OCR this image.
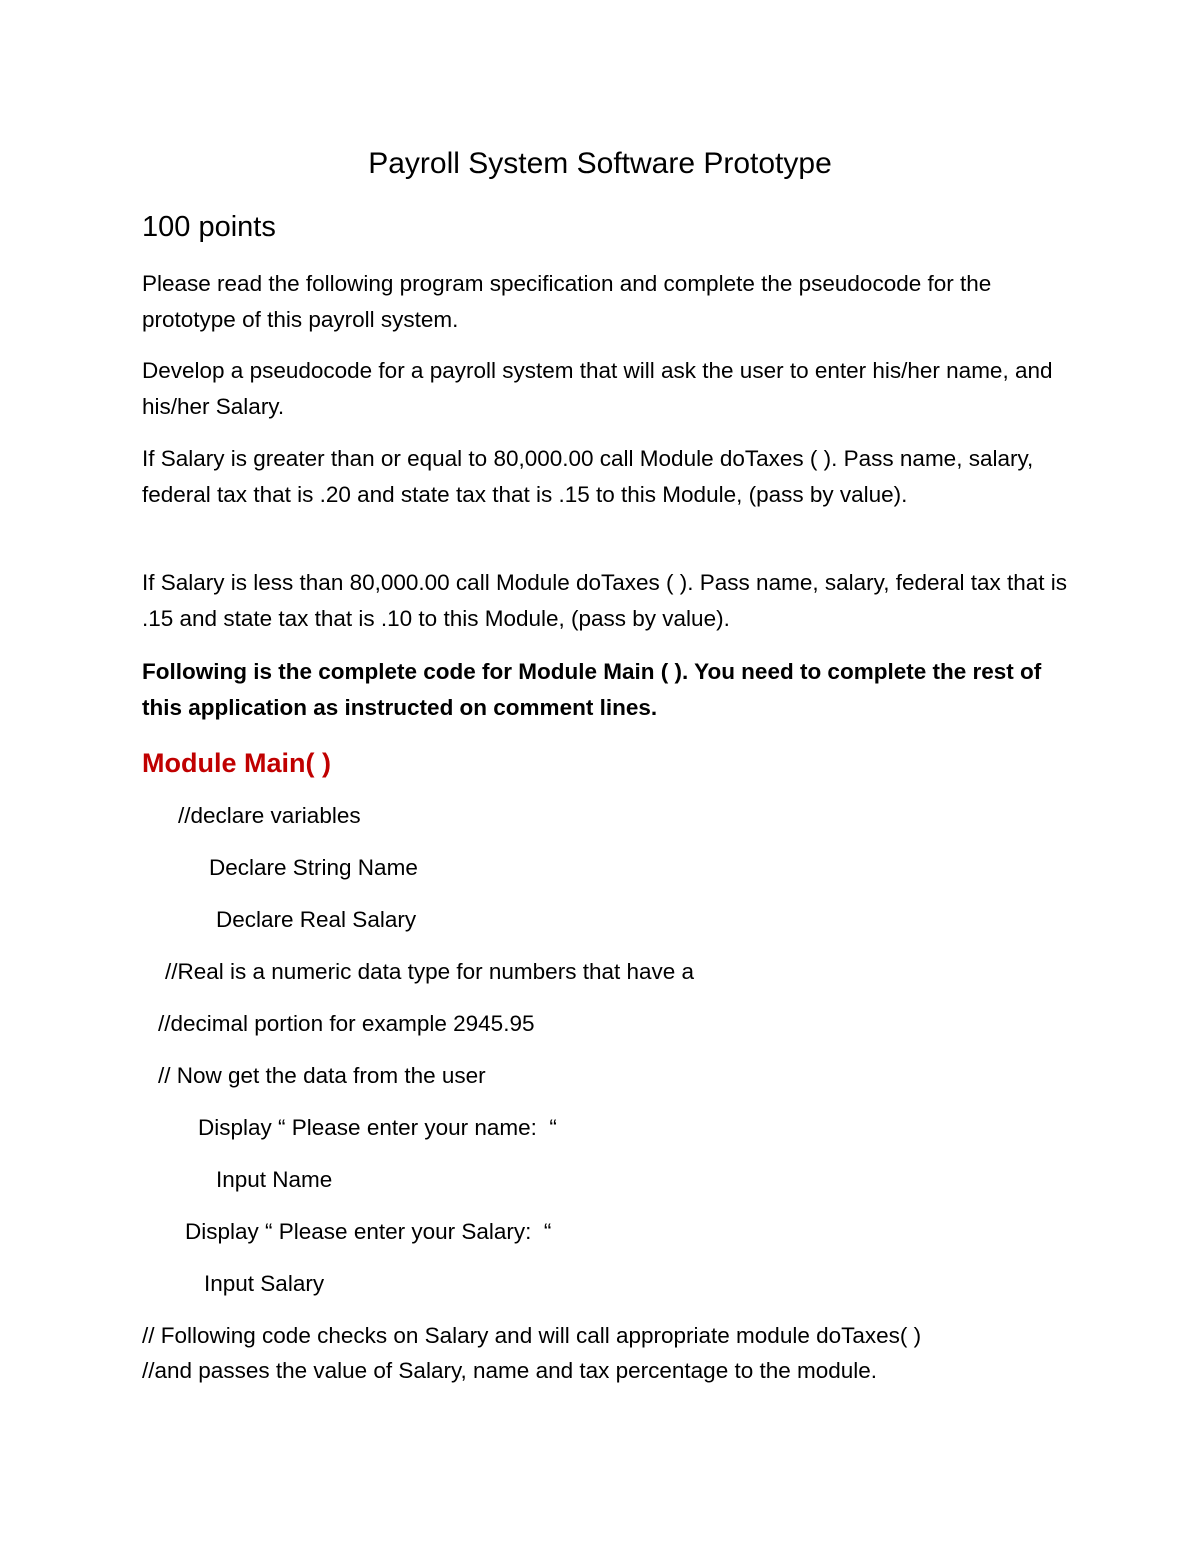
Payroll System Software Prototype
100 points

Please read the following program specification and complete the pseudocode for the prototype of this payroll system.

Develop a pseudocode for a payroll system that will ask the user to enter his/her name, and his/her Salary.

If Salary is greater than or equal to 80,000.00 call Module doTaxes ( ). Pass name, salary, federal tax that is .20 and state tax that is .15 to this Module, (pass by value).

If Salary is less than 80,000.00 call Module doTaxes ( ). Pass name, salary, federal tax that is .15 and state tax that is .10 to this Module, (pass by value).

Following is the complete code for Module Main ( ). You need to complete the rest of this application as instructed on comment lines.

Module Main( )
//declare variables
Declare String Name
Declare Real Salary
//Real is a numeric data type for numbers that have a
//decimal portion for example 2945.95
// Now get the data from the user
Display “ Please enter your name:  “
Input Name
Display “ Please enter your Salary:  “
Input Salary
// Following code checks on Salary and will call appropriate module doTaxes( )
//and passes the value of Salary, name and tax percentage to the module.
